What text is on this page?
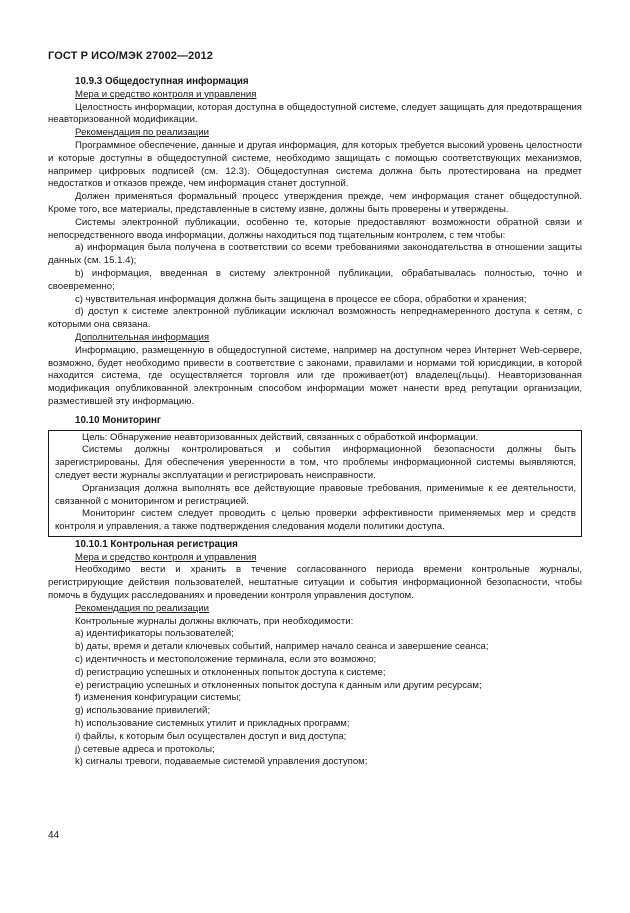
ГОСТ Р ИСО/МЭК 27002—2012

10.9.3 Общедоступная информация

Мера и средство контроля и управления

Целостность информации, которая доступна в общедоступной системе, следует защищать для предотвращения неавторизованной модификации.

Рекомендация по реализации

Программное обеспечение, данные и другая информация, для которых требуется высокий уровень целостности и которые доступны в общедоступной системе, необходимо защищать с помощью соответствующих механизмов, например цифровых подписей (см. 12.3). Общедоступная система должна быть протестирована на предмет недостатков и отказов прежде, чем информация станет доступной.

Должен применяться формальный процесс утверждения прежде, чем информация станет общедоступной. Кроме того, все материалы, представленные в систему извне, должны быть проверены и утверждены.

Системы электронной публикации, особенно те, которые предоставляют возможности обратной связи и непосредственного ввода информации, должны находиться под тщательным контролем, с тем чтобы:

a) информация была получена в соответствии со всеми требованиями законодательства в отношении защиты данных (см. 15.1.4);

b) информация, введенная в систему электронной публикации, обрабатывалась полностью, точно и своевременно;

c) чувствительная информация должна быть защищена в процессе ее сбора, обработки и хранения;

d) доступ к системе электронной публикации исключал возможность непреднамеренного доступа к сетям, с которыми она связана.

Дополнительная информация

Информацию, размещенную в общедоступной системе, например на доступном через Интернет Web-сервере, возможно, будет необходимо привести в соответствие с законами, правилами и нормами той юрисдикции, в которой находится система, где осуществляется торговля или где проживает(ют) владелец(льцы). Неавторизованная модификация опубликованной электронным способом информации может нанести вред репутации организации, разместившей эту информацию.

10.10 Мониторинг

Цель: Обнаружение неавторизованных действий, связанных с обработкой информации.

Системы должны контролироваться и события информационной безопасности должны быть зарегистрированы. Для обеспечения уверенности в том, что проблемы информационной системы выявляются, следует вести журналы эксплуатации и регистрировать неисправности.

Организация должна выполнять все действующие правовые требования, применимые к ее деятельности, связанной с мониторингом и регистрацией.

Мониторинг систем следует проводить с целью проверки эффективности применяемых мер и средств контроля и управления, а также подтверждения следования модели политики доступа.

10.10.1 Контрольная регистрация

Мера и средство контроля и управления

Необходимо вести и хранить в течение согласованного периода времени контрольные журналы, регистрирующие действия пользователей, нештатные ситуации и события информационной безопасности, чтобы помочь в будущих расследованиях и проведении контроля управления доступом.

Рекомендация по реализации

Контрольные журналы должны включать, при необходимости:

a) идентификаторы пользователей;

b) даты, время и детали ключевых событий, например начало сеанса и завершение сеанса;

c) идентичность и местоположение терминала, если это возможно;

d) регистрацию успешных и отклоненных попыток доступа к системе;

e) регистрацию успешных и отклоненных попыток доступа к данным или другим ресурсам;

f) изменения конфигурации системы;

g) использование привилегий;

h) использование системных утилит и прикладных программ;

i) файлы, к которым был осуществлен доступ и вид доступа;

j) сетевые адреса и протоколы;

k) сигналы тревоги, подаваемые системой управления доступом;

44
